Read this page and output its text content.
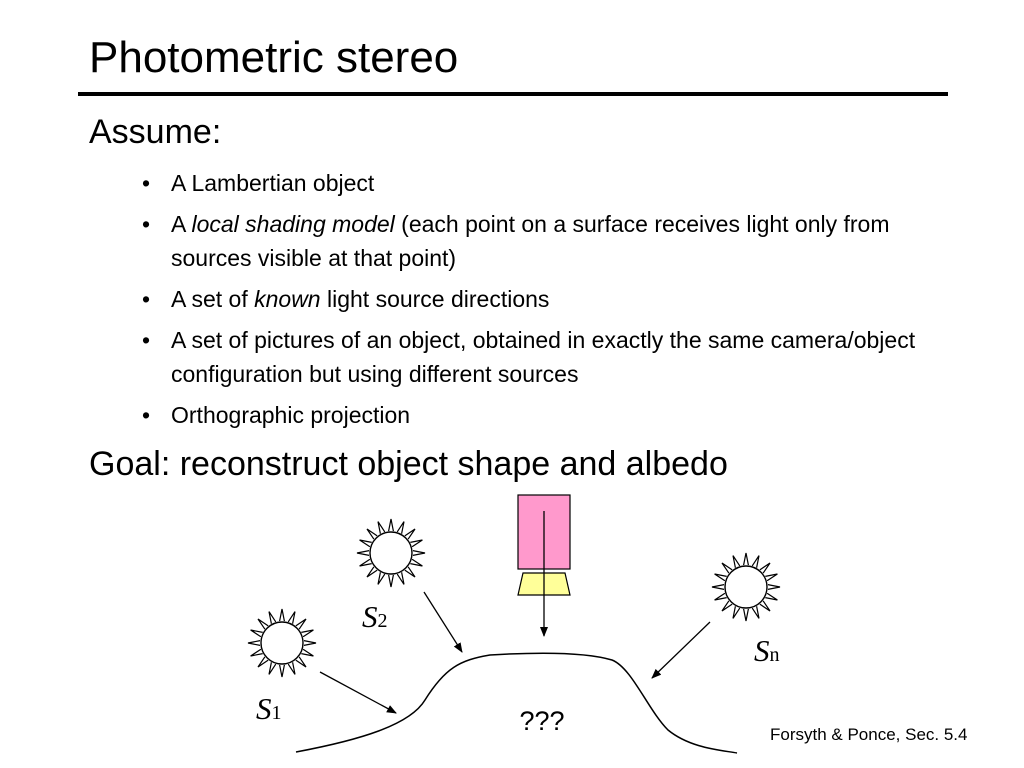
Photometric stereo
Assume:
• A Lambertian object
• A local shading model (each point on a surface receives light only from sources visible at that point)
• A set of known light source directions
• A set of pictures of an object, obtained in exactly the same camera/object configuration but using different sources
• Orthographic projection
Goal: reconstruct object shape and albedo
S1
S2
Sn
???	Forsyth & Ponce, Sec. 5.4
